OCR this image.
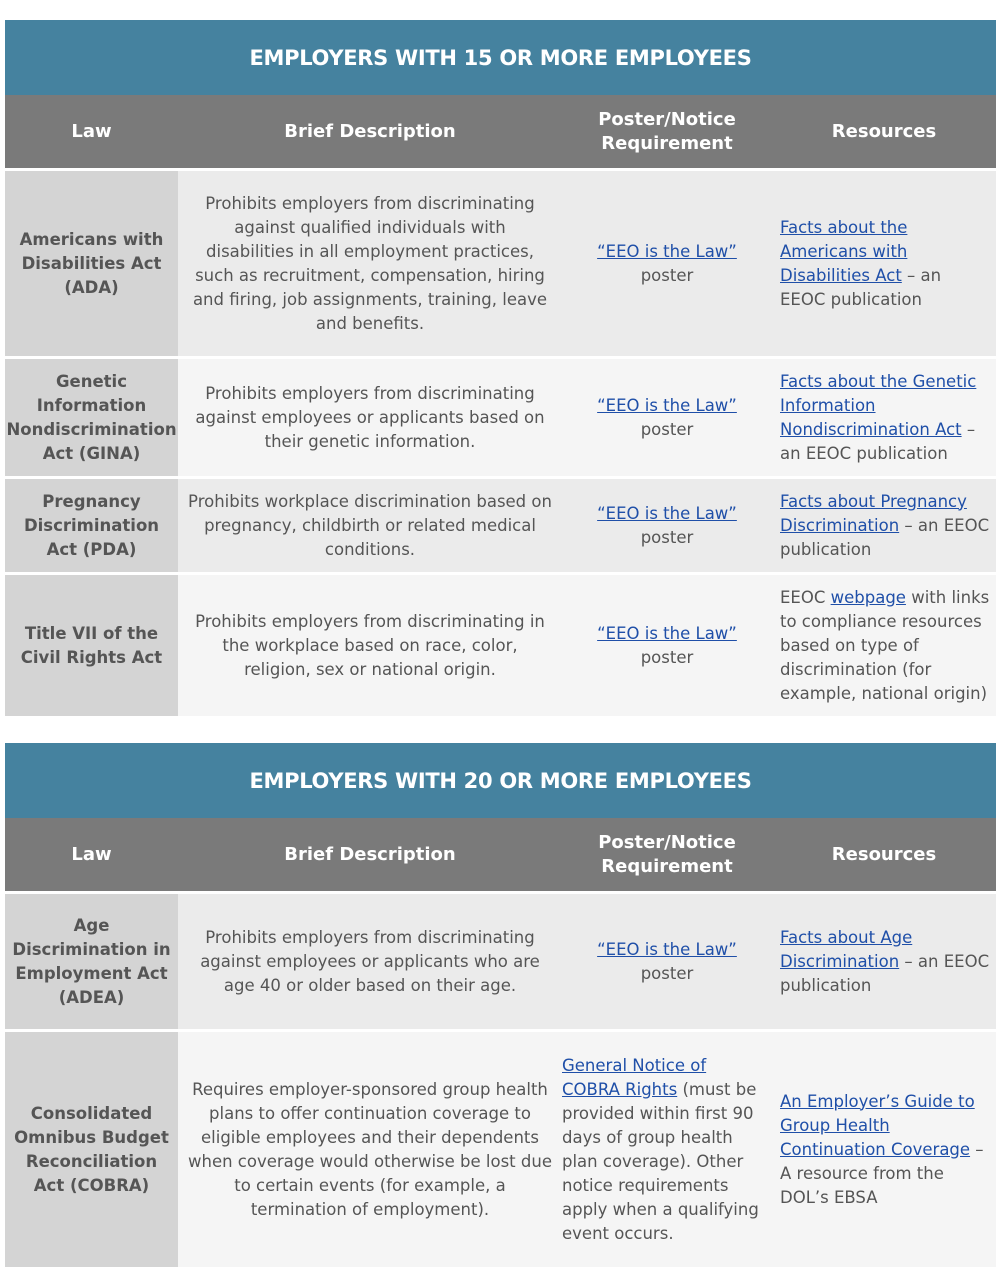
EMPLOYERS WITH 15 OR MORE EMPLOYEES
Law	Brief Description
Poster/Notice Requirement
Resources
Americans with Disabilities Act (ADA)
Prohibits employers from discriminating against qualified individuals with disabilities in all employment practices, such as recruitment, compensation, hiring and firing, job assignments, training, leave and benefits.
“EEO is the Law”
poster
Facts about the Americans with Disabilities Act – an EEOC publication
Genetic Information Nondiscrimination Act (GINA)
Prohibits employers from discriminating against employees or applicants based on their genetic information.
“EEO is the Law”
poster
Facts about the Genetic Information Nondiscrimination Act – an EEOC publication
Pregnancy Discrimination Act (PDA)
Prohibits workplace discrimination based on pregnancy, childbirth or related medical conditions.
“EEO is the Law”
poster
Facts about Pregnancy Discrimination – an EEOC publication
Title VII of the Civil Rights Act
Prohibits employers from discriminating in the workplace based on race, color, religion, sex or national origin.
“EEO is the Law”
poster
EEOC webpage with links to compliance resources based on type of discrimination (for example, national origin)
EMPLOYERS WITH 20 OR MORE EMPLOYEES
Law	Brief Description
Poster/Notice Requirement
Resources
Age Discrimination in Employment Act (ADEA)
Prohibits employers from discriminating against employees or applicants who are age 40 or older based on their age.
“EEO is the Law”
poster
Facts about Age Discrimination – an EEOC publication
Consolidated Omnibus Budget Reconciliation Act (COBRA)
Requires employer-sponsored group health plans to offer continuation coverage to eligible employees and their dependents when coverage would otherwise be lost due to certain events (for example, a termination of employment).
General Notice of COBRA Rights (must be provided within first 90 days of group health plan coverage). Other notice requirements apply when a qualifying event occurs.
An Employer’s Guide to Group Health Continuation Coverage – A resource from the DOL’s EBSA
